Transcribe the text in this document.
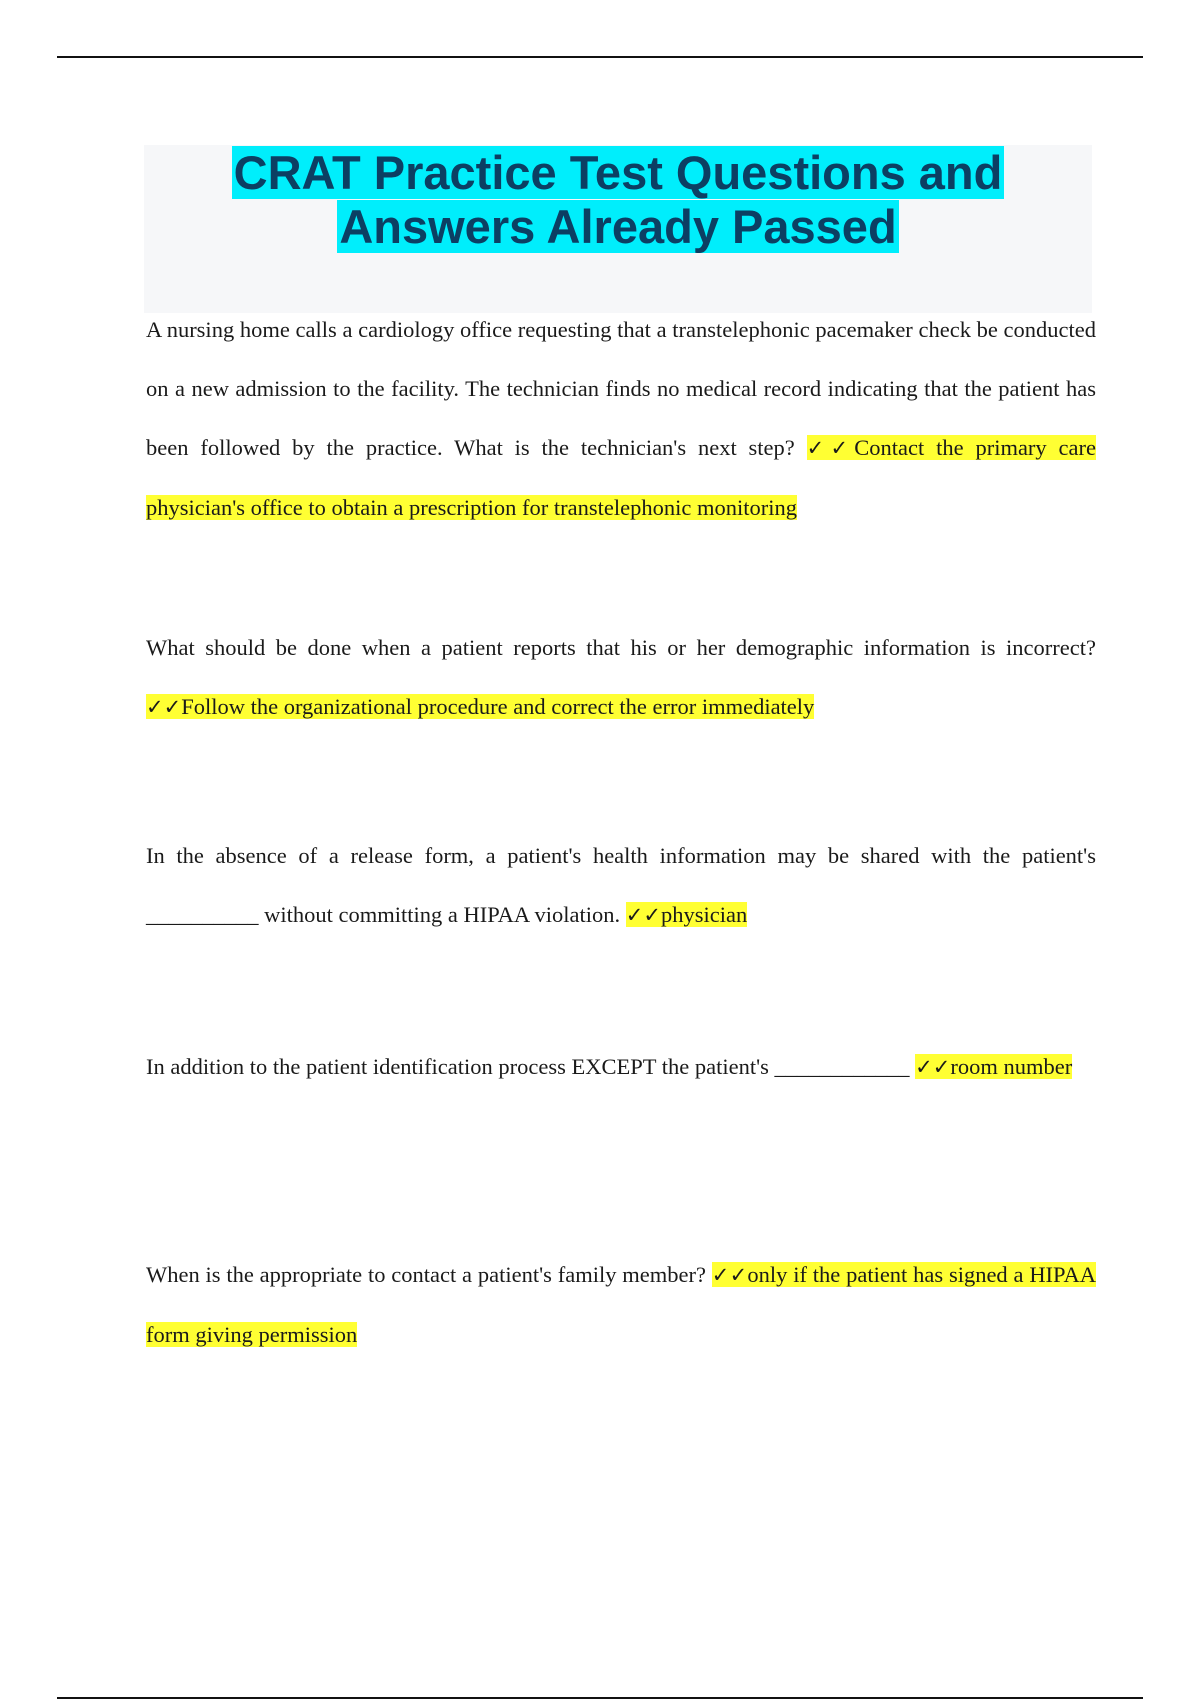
CRAT Practice Test Questions and
Answers Already Passed
A nursing home calls a cardiology office requesting that a transtelephonic pacemaker check be conducted on a new admission to the facility. The technician finds no medical record indicating that the patient has been followed by the practice. What is the technician's next step? ✓✓Contact the primary care physician's office to obtain a prescription for transtelephonic monitoring
What should be done when a patient reports that his or her demographic information is incorrect? ✓✓Follow the organizational procedure and correct the error immediately
In the absence of a release form, a patient's health information may be shared with the patient's __________ without committing a HIPAA violation. ✓✓physician
In addition to the patient identification process EXCEPT the patient's ____________ ✓✓room number
When is the appropriate to contact a patient's family member? ✓✓only if the patient has signed a HIPAA form giving permission
